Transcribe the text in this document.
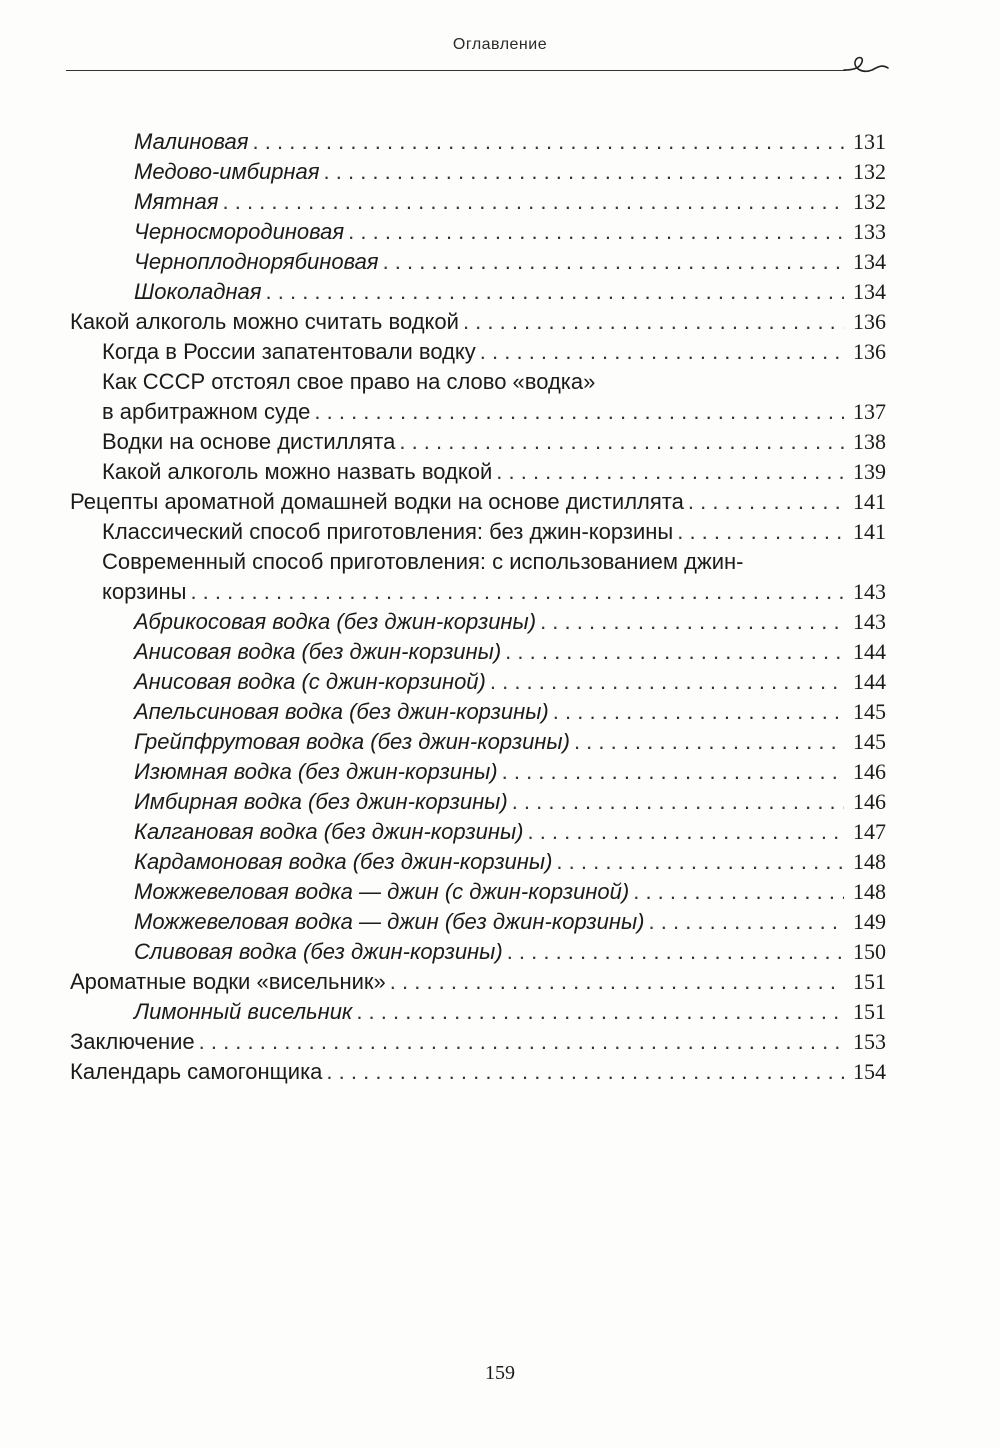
Оглавление
Малиновая . . .	131
Медово-имбирная . . .	132
Мятная . . .	132
Черносмородиновая . . .	133
Черноплоднорябиновая . . .	134
Шоколадная . . .	134
Какой алкоголь можно считать водкой . . .	136
Когда в России запатентовали водку . . .	136
Как СССР отстоял свое право на слово «водка»
в арбитражном суде . . .	137
Водки на основе дистиллята . . .	138
Какой алкоголь можно назвать водкой . . .	139
Рецепты ароматной домашней водки на основе дистиллята . . .	141
Классический способ приготовления: без джин-корзины . . .	141
Современный способ приготовления: с использованием джин-
корзины . . .	143
Абрикосовая водка (без джин-корзины) . . .	143
Анисовая водка (без джин-корзины) . . .	144
Анисовая водка (с джин-корзиной) . . .	144
Апельсиновая водка (без джин-корзины) . . .	145
Грейпфрутовая водка (без джин-корзины) . . .	145
Изюмная водка (без джин-корзины) . . .	146
Имбирная водка (без джин-корзины) . . .	146
Калгановая водка (без джин-корзины) . . .	147
Кардамоновая водка (без джин-корзины) . . .	148
Можжевеловая водка — джин (с джин-корзиной) . . .	148
Можжевеловая водка — джин (без джин-корзины) . . .	149
Сливовая водка (без джин-корзины) . . .	150
Ароматные водки «висельник» . . .	151
Лимонный висельник . . .	151
Заключение . . .	153
Календарь самогонщика . . .	154
159
